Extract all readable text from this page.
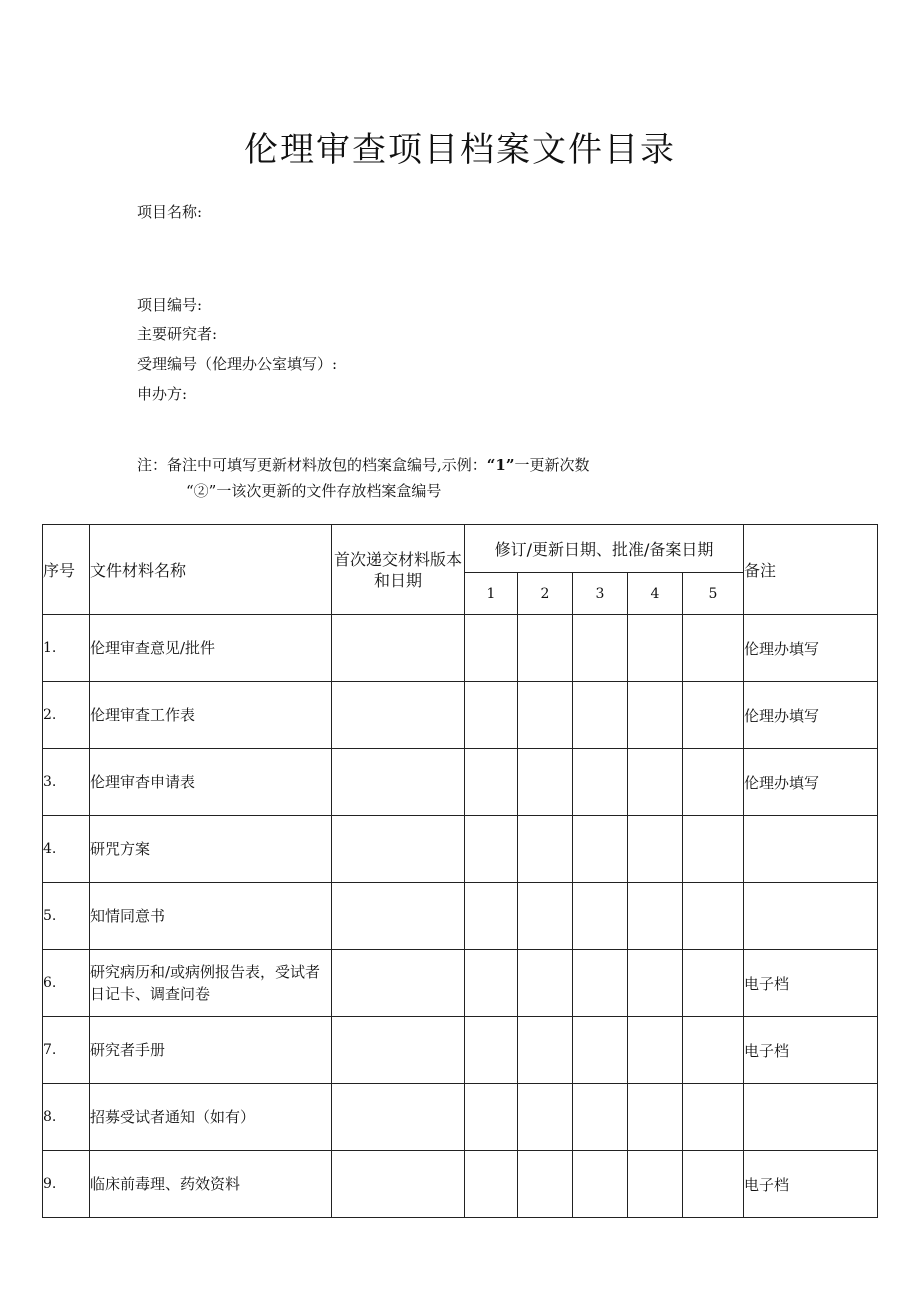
伦理审查项目档案文件目录
项目名称:
项目编号:
主要研究者:
受理编号（伦理办公室填写）:
申办方:
注：备注中可填写更新材料放包的档案盒编号,示例：“1”一更新次数
“②”一该次更新的文件存放档案盒编号
序号	文件材料名称	首次递交材料版本和日期	修订/更新日期、批准/备案日期					备注
			1	2	3	4	5	
1.	伦理审查意见/批件							伦理办填写
2.	伦理审査工作表							伦理办填写
3.	伦理审杳申请表							伦理办填写
4.	研咒方案							
5.	知情同意书							
6.	研究病历和/或病例报告表，受试者日记卡、调查问卷							电子档
7.	研究者手册							电子档
8.	招募受试者通知（如有）							
9.	临床前毒理、药效资料							电子档
